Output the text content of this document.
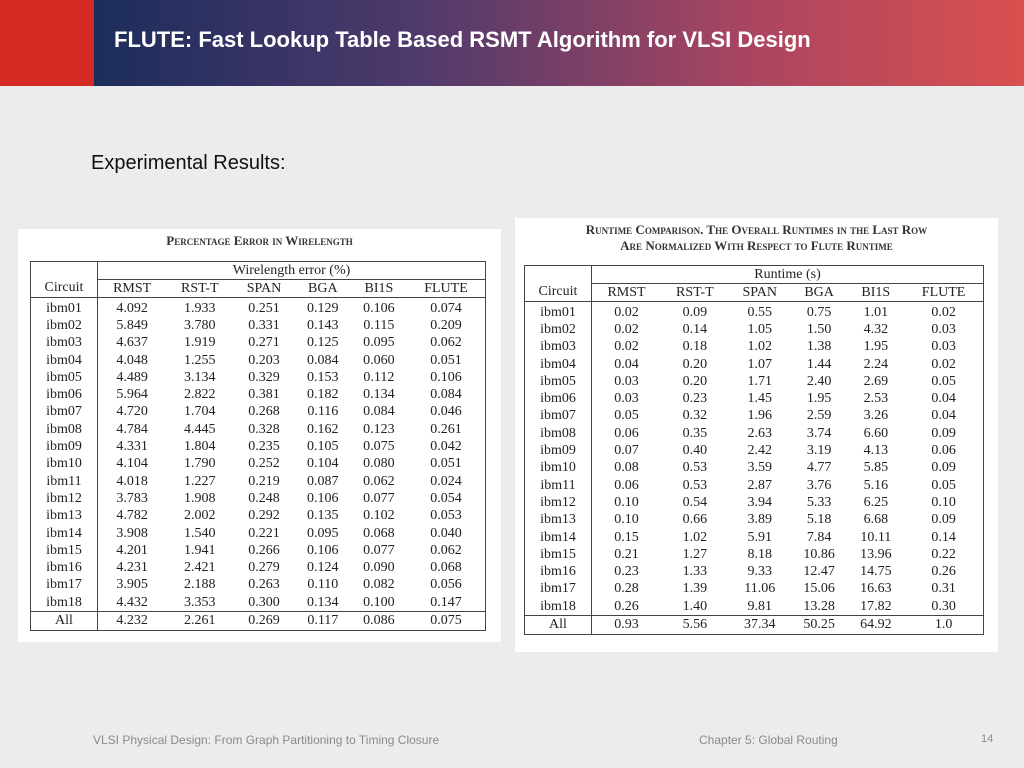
FLUTE: Fast Lookup Table Based RSMT Algorithm for VLSI Design
Experimental Results:
Percentage Error in Wirelength
	Wirelength error (%)					
Circuit	RMST	RST-T	SPAN	BGA	BI1S	FLUTE
ibm01	4.092	1.933	0.251	0.129	0.106	0.074
ibm02	5.849	3.780	0.331	0.143	0.115	0.209
ibm03	4.637	1.919	0.271	0.125	0.095	0.062
ibm04	4.048	1.255	0.203	0.084	0.060	0.051
ibm05	4.489	3.134	0.329	0.153	0.112	0.106
ibm06	5.964	2.822	0.381	0.182	0.134	0.084
ibm07	4.720	1.704	0.268	0.116	0.084	0.046
ibm08	4.784	4.445	0.328	0.162	0.123	0.261
ibm09	4.331	1.804	0.235	0.105	0.075	0.042
ibm10	4.104	1.790	0.252	0.104	0.080	0.051
ibm11	4.018	1.227	0.219	0.087	0.062	0.024
ibm12	3.783	1.908	0.248	0.106	0.077	0.054
ibm13	4.782	2.002	0.292	0.135	0.102	0.053
ibm14	3.908	1.540	0.221	0.095	0.068	0.040
ibm15	4.201	1.941	0.266	0.106	0.077	0.062
ibm16	4.231	2.421	0.279	0.124	0.090	0.068
ibm17	3.905	2.188	0.263	0.110	0.082	0.056
ibm18	4.432	3.353	0.300	0.134	0.100	0.147
All	4.232	2.261	0.269	0.117	0.086	0.075
Runtime Comparison. The Overall Runtimes in the Last Row
Are Normalized With Respect to Flute Runtime
	Runtime (s)					
Circuit	RMST	RST-T	SPAN	BGA	BI1S	FLUTE
ibm01	0.02	0.09	0.55	0.75	1.01	0.02
ibm02	0.02	0.14	1.05	1.50	4.32	0.03
ibm03	0.02	0.18	1.02	1.38	1.95	0.03
ibm04	0.04	0.20	1.07	1.44	2.24	0.02
ibm05	0.03	0.20	1.71	2.40	2.69	0.05
ibm06	0.03	0.23	1.45	1.95	2.53	0.04
ibm07	0.05	0.32	1.96	2.59	3.26	0.04
ibm08	0.06	0.35	2.63	3.74	6.60	0.09
ibm09	0.07	0.40	2.42	3.19	4.13	0.06
ibm10	0.08	0.53	3.59	4.77	5.85	0.09
ibm11	0.06	0.53	2.87	3.76	5.16	0.05
ibm12	0.10	0.54	3.94	5.33	6.25	0.10
ibm13	0.10	0.66	3.89	5.18	6.68	0.09
ibm14	0.15	1.02	5.91	7.84	10.11	0.14
ibm15	0.21	1.27	8.18	10.86	13.96	0.22
ibm16	0.23	1.33	9.33	12.47	14.75	0.26
ibm17	0.28	1.39	11.06	15.06	16.63	0.31
ibm18	0.26	1.40	9.81	13.28	17.82	0.30
All	0.93	5.56	37.34	50.25	64.92	1.0
VLSI Physical Design: From Graph Partitioning to Timing Closure	Chapter 5: Global Routing	14
